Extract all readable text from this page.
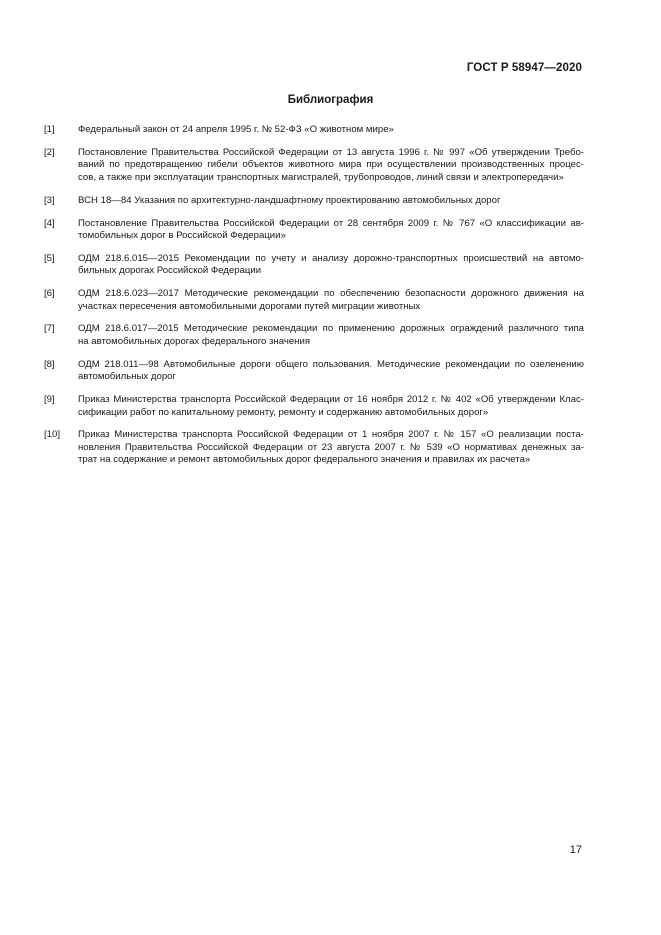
ГОСТ Р 58947—2020
Библиография
[1]	Федеральный закон от 24 апреля 1995 г. № 52-ФЗ «О животном мире»
[2]	Постановление Правительства Российской Федерации от 13 августа 1996 г. № 997 «Об утверждении Требо-
ваний по предотвращению гибели объектов животного мира при осуществлении производственных процес-
сов, а также при эксплуатации транспортных магистралей, трубопроводов, линий связи и электропередачи»
[3]	ВСН 18—84 Указания по архитектурно-ландшафтному проектированию автомобильных дорог
[4]	Постановление Правительства Российской Федерации от 28 сентября 2009 г. № 767 «О классификации ав-
томобильных дорог в Российской Федерации»
[5]	ОДМ 218.6.015—2015 Рекомендации по учету и анализу дорожно-транспортных происшествий на автомо-
бильных дорогах Российской Федерации
[6]	ОДМ 218.6.023—2017 Методические рекомендации по обеспечению безопасности дорожного движения на
участках пересечения автомобильными дорогами путей миграции животных
[7]	ОДМ 218.6.017—2015 Методические рекомендации по применению дорожных ограждений различного типа
на автомобильных дорогах федерального значения
[8]	ОДМ 218.011—98 Автомобильные дороги общего пользования. Методические рекомендации по озеленению
автомобильных дорог
[9]	Приказ Министерства транспорта Российской Федерации от 16 ноября 2012 г. № 402 «Об утверждении Клас-
сификации работ по капитальному ремонту, ремонту и содержанию автомобильных дорог»
[10]	Приказ Министерства транспорта Российской Федерации от 1 ноября 2007 г. № 157 «О реализации поста-
новления Правительства Российской Федерации от 23 августа 2007 г. № 539 «О нормативах денежных за-
трат на содержание и ремонт автомобильных дорог федерального значения и правилах их расчета»
17
